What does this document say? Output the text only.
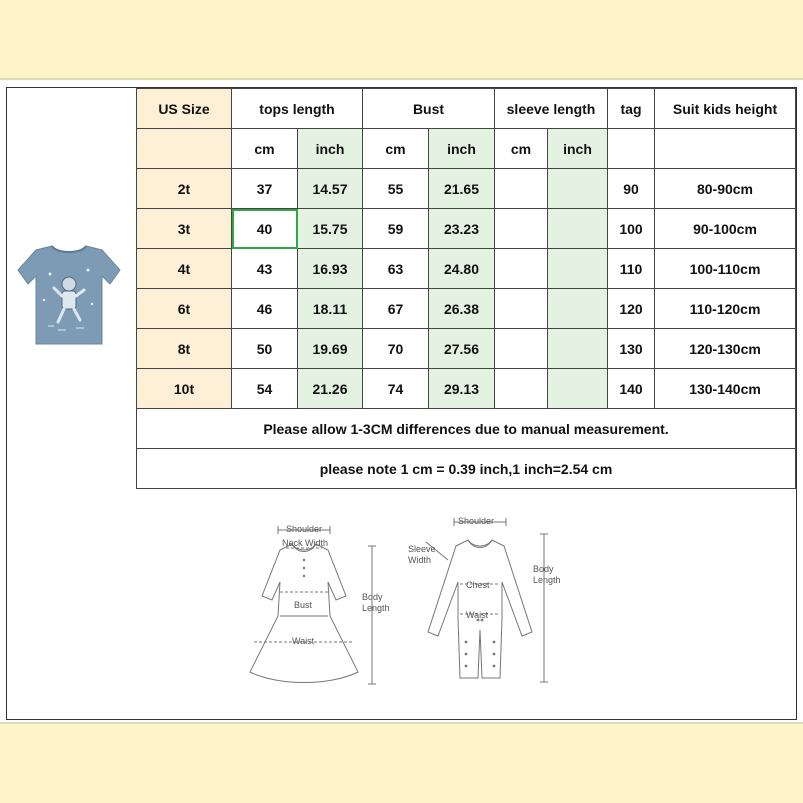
US Size	tops length		Bust		sleeve length		tag	Suit kids height
	cm	inch	cm	inch	cm	inch		
2t	37	14.57	55	21.65			90	80-90cm
3t	40	15.75	59	23.23			100	90-100cm
4t	43	16.93	63	24.80			110	100-110cm
6t	46	18.11	67	26.38			120	110-120cm
8t	50	19.69	70	27.56			130	120-130cm
10t	54	21.26	74	29.13			140	130-140cm
Please allow 1-3CM differences due to manual measurement.								
please note 1 cm = 0.39 inch,1 inch=2.54 cm								
Shoulder
Neck Width
Bust
Waist
Body
Length
Shoulder
Sleeve
Width
Chest
Waist
Body
Length
